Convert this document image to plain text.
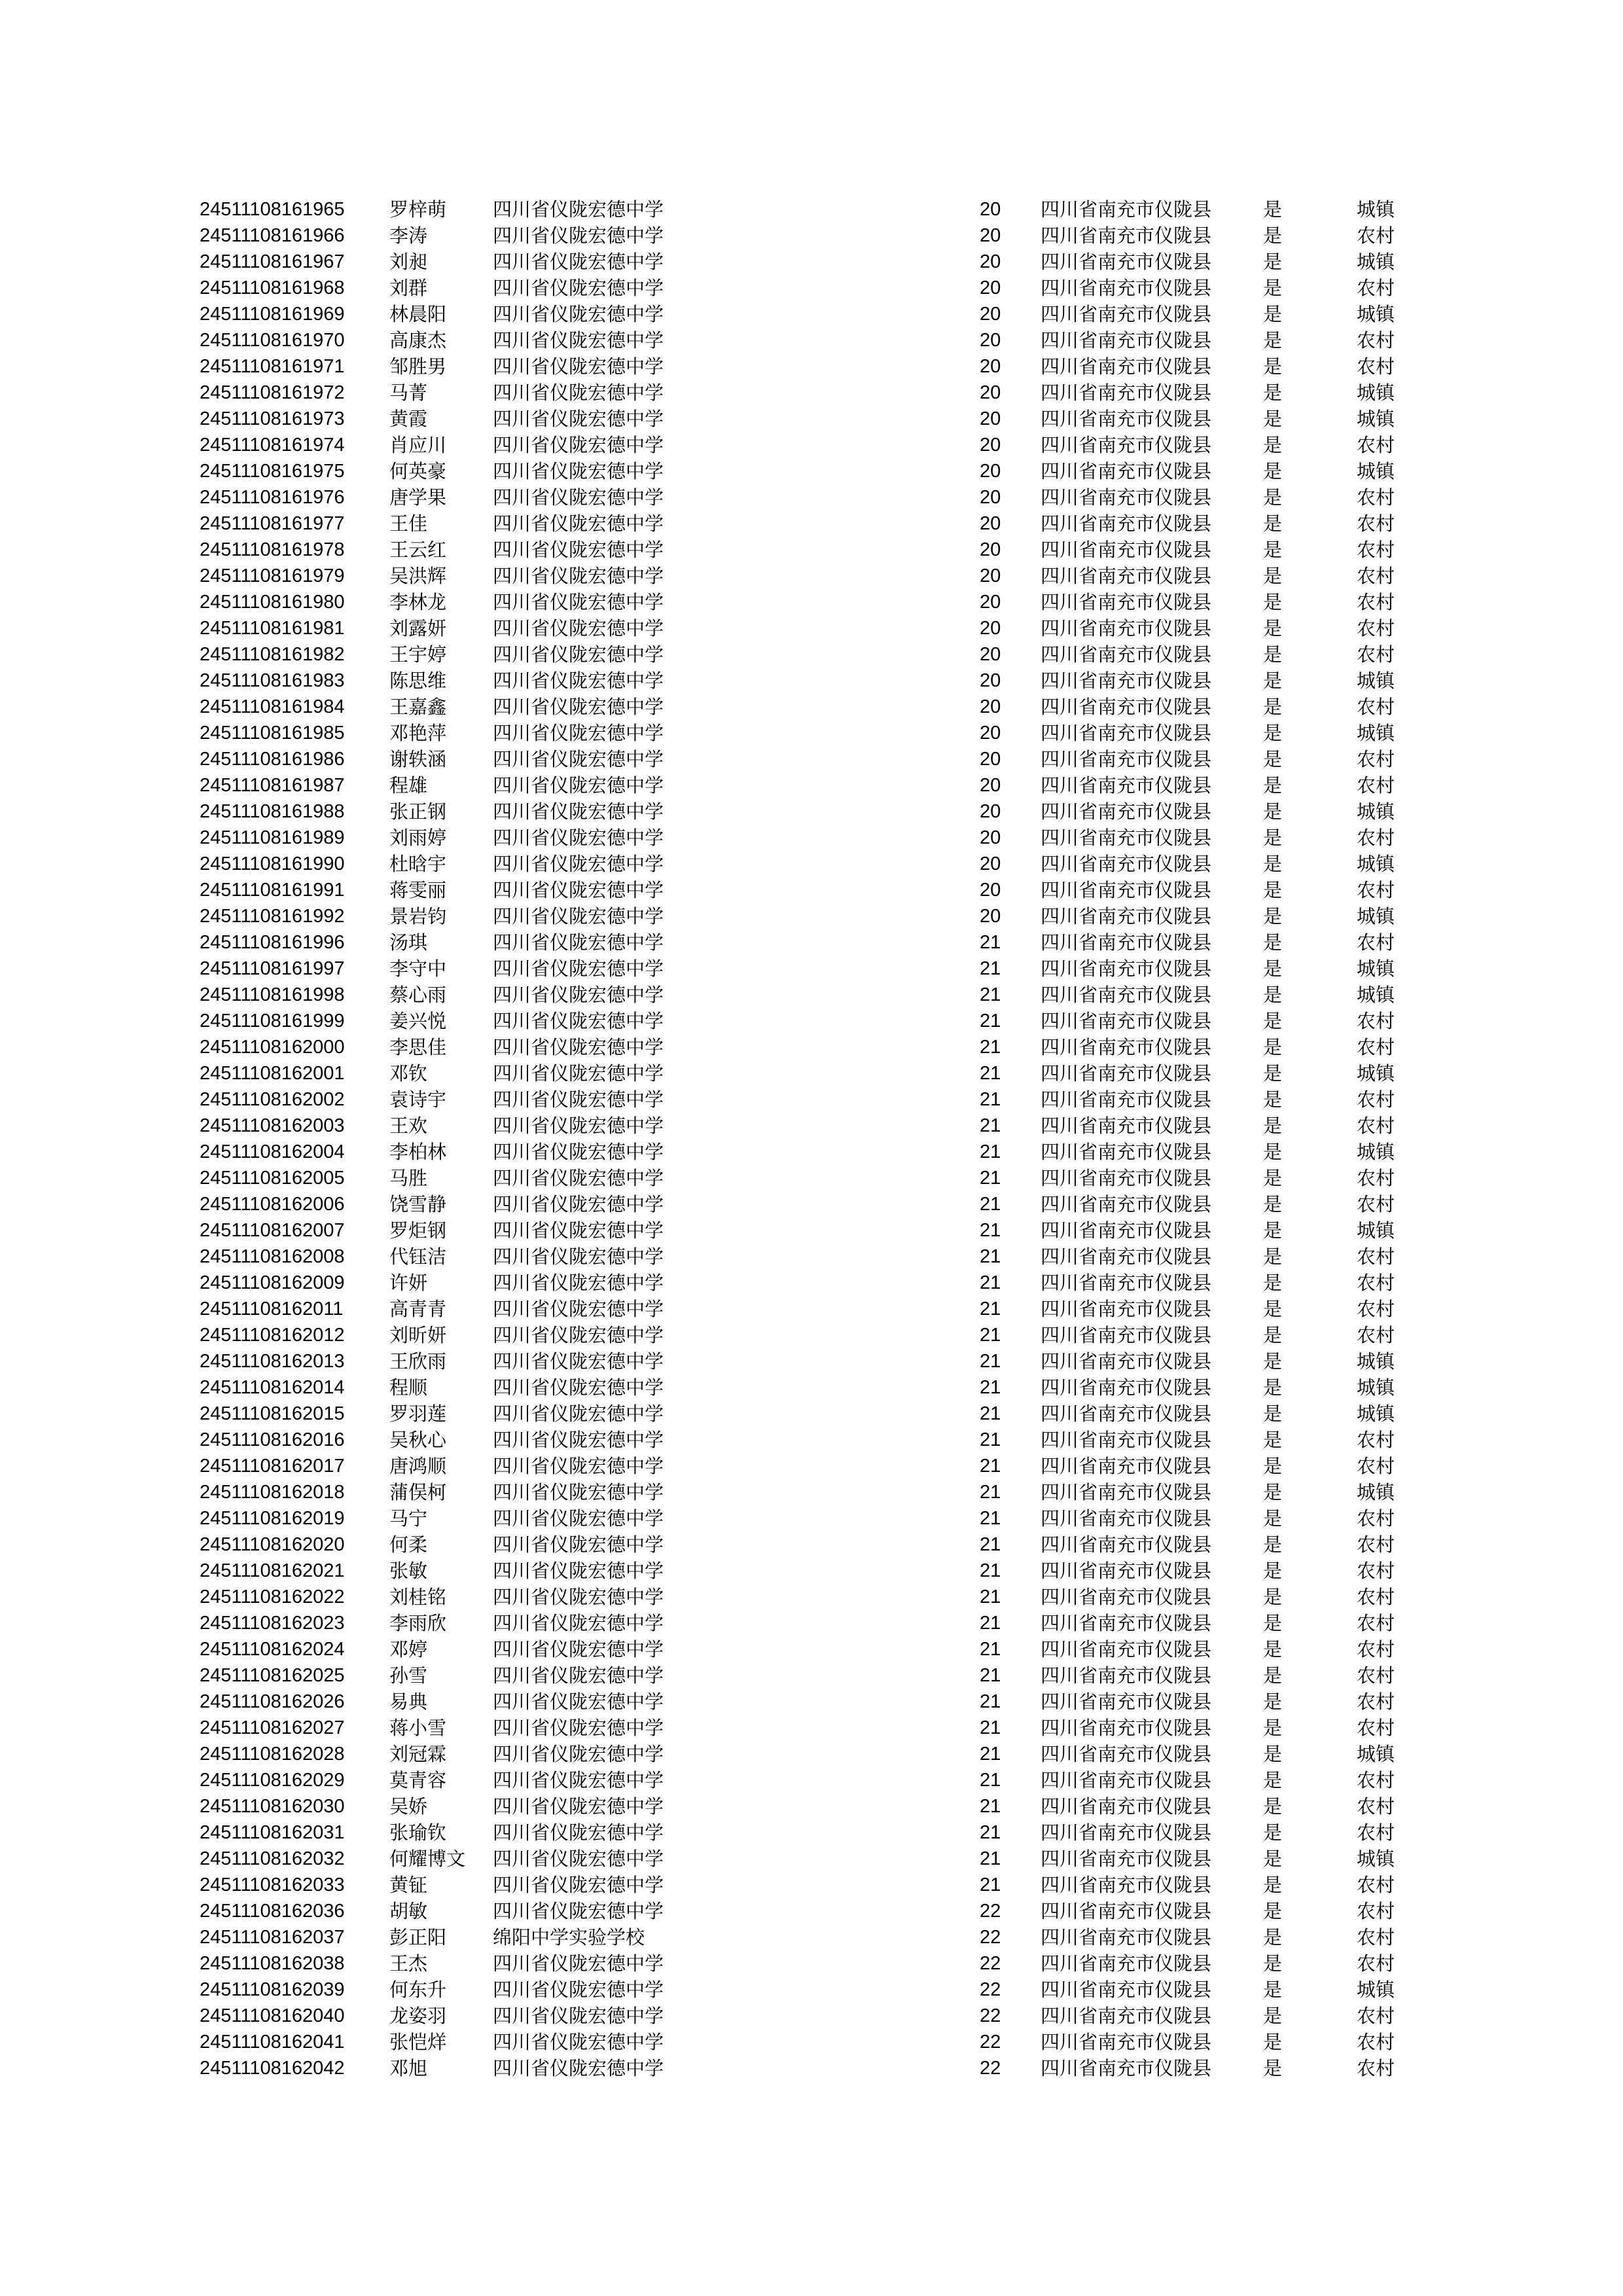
24511108161965 罗梓萌 四川省仪陇宏德中学	20 四川省南充市仪陇县	是	城镇
24511108161966 李涛	四川省仪陇宏德中学	20 四川省南充市仪陇县	是	农村
24511108161967 刘昶	四川省仪陇宏德中学	20 四川省南充市仪陇县	是	城镇
24511108161968 刘群	四川省仪陇宏德中学	20 四川省南充市仪陇县	是	农村
24511108161969 林晨阳 四川省仪陇宏德中学	20 四川省南充市仪陇县	是	城镇
24511108161970 高康杰 四川省仪陇宏德中学	20 四川省南充市仪陇县	是	农村
24511108161971 邹胜男 四川省仪陇宏德中学	20 四川省南充市仪陇县	是	农村
24511108161972 马菁	四川省仪陇宏德中学	20 四川省南充市仪陇县	是	城镇
24511108161973 黄霞	四川省仪陇宏德中学	20 四川省南充市仪陇县	是	城镇
24511108161974 肖应川 四川省仪陇宏德中学	20 四川省南充市仪陇县	是	农村
24511108161975 何英豪 四川省仪陇宏德中学	20 四川省南充市仪陇县	是	城镇
24511108161976 唐学果 四川省仪陇宏德中学	20 四川省南充市仪陇县	是	农村
24511108161977 王佳	四川省仪陇宏德中学	20 四川省南充市仪陇县	是	农村
24511108161978 王云红 四川省仪陇宏德中学	20 四川省南充市仪陇县	是	农村
24511108161979 吴洪辉 四川省仪陇宏德中学	20 四川省南充市仪陇县	是	农村
24511108161980 李林龙 四川省仪陇宏德中学	20 四川省南充市仪陇县	是	农村
24511108161981 刘露妍 四川省仪陇宏德中学	20 四川省南充市仪陇县	是	农村
24511108161982 王宇婷 四川省仪陇宏德中学	20 四川省南充市仪陇县	是	农村
24511108161983 陈思维 四川省仪陇宏德中学	20 四川省南充市仪陇县	是	城镇
24511108161984 王嘉鑫 四川省仪陇宏德中学	20 四川省南充市仪陇县	是	农村
24511108161985 邓艳萍 四川省仪陇宏德中学	20 四川省南充市仪陇县	是	城镇
24511108161986 谢轶涵 四川省仪陇宏德中学	20 四川省南充市仪陇县	是	农村
24511108161987 程雄	四川省仪陇宏德中学	20 四川省南充市仪陇县	是	农村
24511108161988 张正钢 四川省仪陇宏德中学	20 四川省南充市仪陇县	是	城镇
24511108161989 刘雨婷 四川省仪陇宏德中学	20 四川省南充市仪陇县	是	农村
24511108161990 杜晗宇 四川省仪陇宏德中学	20 四川省南充市仪陇县	是	城镇
24511108161991 蒋雯丽 四川省仪陇宏德中学	20 四川省南充市仪陇县	是	农村
24511108161992 景岩钧 四川省仪陇宏德中学	20 四川省南充市仪陇县	是	城镇
24511108161996 汤琪	四川省仪陇宏德中学	21 四川省南充市仪陇县	是	农村
24511108161997 李守中 四川省仪陇宏德中学	21 四川省南充市仪陇县	是	城镇
24511108161998 蔡心雨 四川省仪陇宏德中学	21 四川省南充市仪陇县	是	城镇
24511108161999 姜兴悦 四川省仪陇宏德中学	21 四川省南充市仪陇县	是	农村
24511108162000 李思佳 四川省仪陇宏德中学	21 四川省南充市仪陇县	是	农村
24511108162001 邓钦	四川省仪陇宏德中学	21 四川省南充市仪陇县	是	城镇
24511108162002 袁诗宇 四川省仪陇宏德中学	21 四川省南充市仪陇县	是	农村
24511108162003 王欢	四川省仪陇宏德中学	21 四川省南充市仪陇县	是	农村
24511108162004 李柏林 四川省仪陇宏德中学	21 四川省南充市仪陇县	是	城镇
24511108162005 马胜	四川省仪陇宏德中学	21 四川省南充市仪陇县	是	农村
24511108162006 饶雪静 四川省仪陇宏德中学	21 四川省南充市仪陇县	是	农村
24511108162007 罗炬钢 四川省仪陇宏德中学	21 四川省南充市仪陇县	是	城镇
24511108162008 代钰洁 四川省仪陇宏德中学	21 四川省南充市仪陇县	是	农村
24511108162009 许妍	四川省仪陇宏德中学	21 四川省南充市仪陇县	是	农村
24511108162011 高青青 四川省仪陇宏德中学	21 四川省南充市仪陇县	是	农村
24511108162012 刘昕妍 四川省仪陇宏德中学	21 四川省南充市仪陇县	是	农村
24511108162013 王欣雨 四川省仪陇宏德中学	21 四川省南充市仪陇县	是	城镇
24511108162014 程顺	四川省仪陇宏德中学	21 四川省南充市仪陇县	是	城镇
24511108162015 罗羽莲 四川省仪陇宏德中学	21 四川省南充市仪陇县	是	城镇
24511108162016 吴秋心 四川省仪陇宏德中学	21 四川省南充市仪陇县	是	农村
24511108162017 唐鸿顺 四川省仪陇宏德中学	21 四川省南充市仪陇县	是	农村
24511108162018 蒲俣柯 四川省仪陇宏德中学	21 四川省南充市仪陇县	是	城镇
24511108162019 马宁	四川省仪陇宏德中学	21 四川省南充市仪陇县	是	农村
24511108162020 何柔	四川省仪陇宏德中学	21 四川省南充市仪陇县	是	农村
24511108162021 张敏	四川省仪陇宏德中学	21 四川省南充市仪陇县	是	农村
24511108162022 刘桂铭 四川省仪陇宏德中学	21 四川省南充市仪陇县	是	农村
24511108162023 李雨欣 四川省仪陇宏德中学	21 四川省南充市仪陇县	是	农村
24511108162024 邓婷	四川省仪陇宏德中学	21 四川省南充市仪陇县	是	农村
24511108162025 孙雪	四川省仪陇宏德中学	21 四川省南充市仪陇县	是	农村
24511108162026 易典	四川省仪陇宏德中学	21 四川省南充市仪陇县	是	农村
24511108162027 蒋小雪 四川省仪陇宏德中学	21 四川省南充市仪陇县	是	农村
24511108162028 刘冠霖 四川省仪陇宏德中学	21 四川省南充市仪陇县	是	城镇
24511108162029 莫青容 四川省仪陇宏德中学	21 四川省南充市仪陇县	是	农村
24511108162030 吴娇	四川省仪陇宏德中学	21 四川省南充市仪陇县	是	农村
24511108162031 张瑜钦 四川省仪陇宏德中学	21 四川省南充市仪陇县	是	农村
24511108162032 何耀博文 四川省仪陇宏德中学	21 四川省南充市仪陇县	是	城镇
24511108162033 黄钲	四川省仪陇宏德中学	21 四川省南充市仪陇县	是	农村
24511108162036 胡敏	四川省仪陇宏德中学	22 四川省南充市仪陇县	是	农村
24511108162037 彭正阳 绵阳中学实验学校	22 四川省南充市仪陇县	是	农村
24511108162038 王杰	四川省仪陇宏德中学	22 四川省南充市仪陇县	是	农村
24511108162039 何东升 四川省仪陇宏德中学	22 四川省南充市仪陇县	是	城镇
24511108162040 龙姿羽 四川省仪陇宏德中学	22 四川省南充市仪陇县	是	农村
24511108162041 张恺烊 四川省仪陇宏德中学	22 四川省南充市仪陇县	是	农村
24511108162042 邓旭	四川省仪陇宏德中学	22 四川省南充市仪陇县	是	农村
